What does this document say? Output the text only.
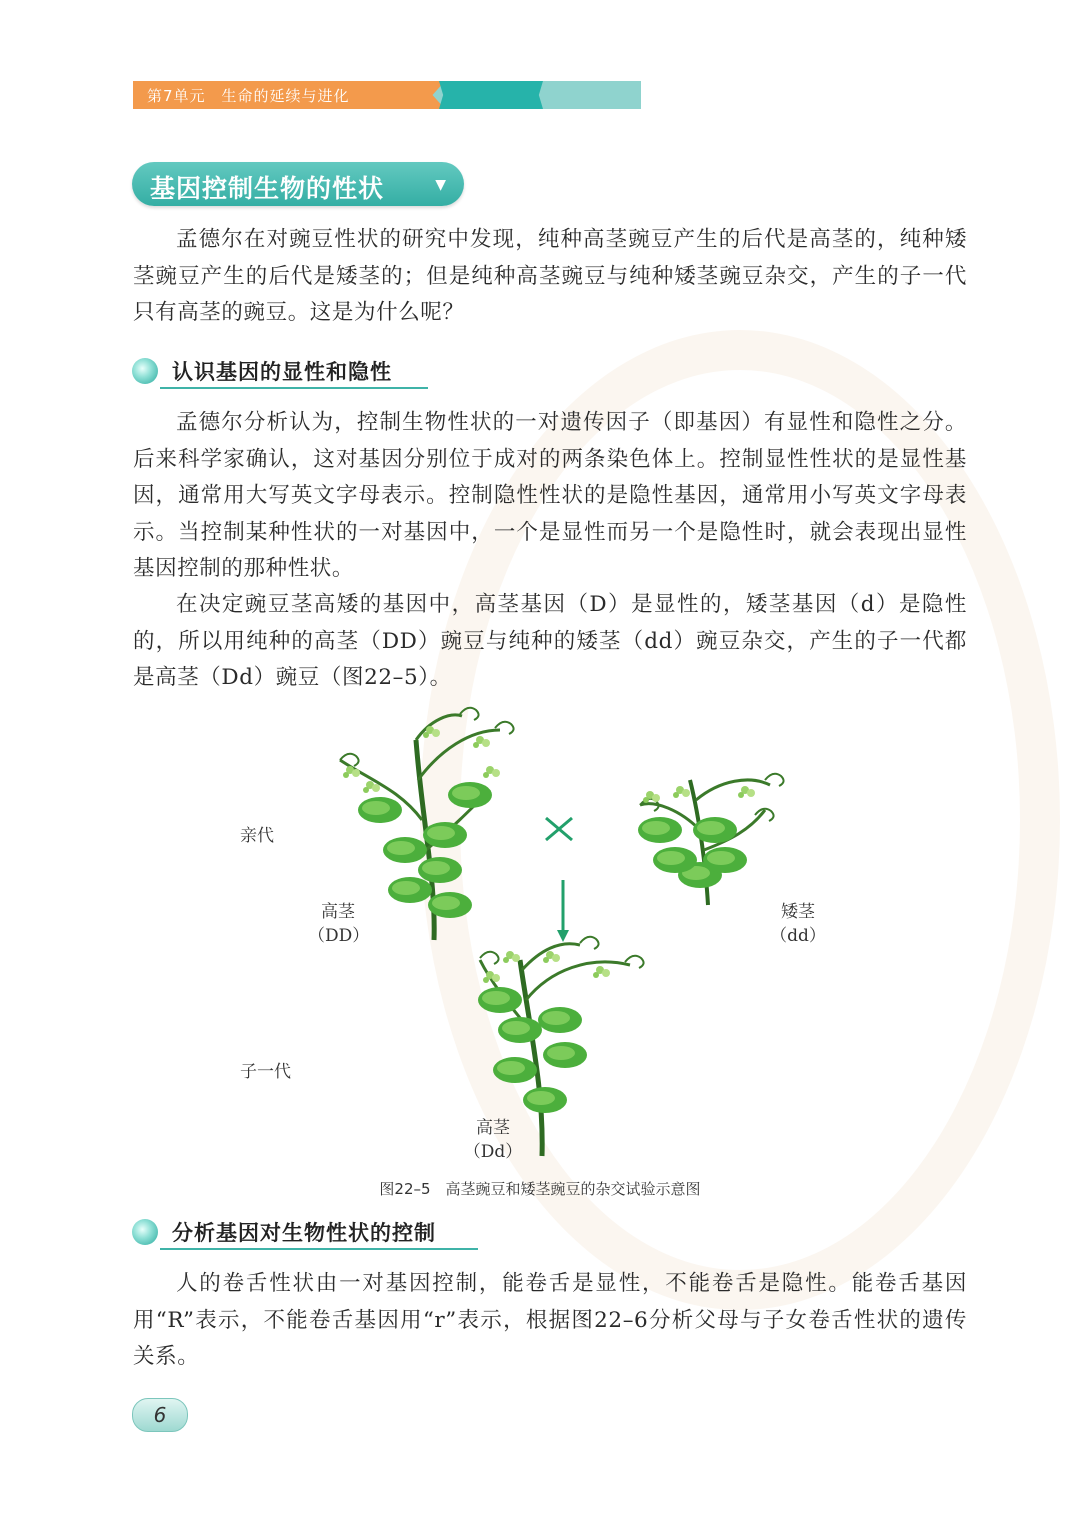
第7单元　生命的延续与进化
基因控制生物的性状	▼

孟德尔在对豌豆性状的研究中发现，纯种高茎豌豆产生的后代是高茎的，纯种矮茎豌豆产生的后代是矮茎的；但是纯种高茎豌豆与纯种矮茎豌豆杂交，产生的子一代只有高茎的豌豆。这是为什么呢？

认识基因的显性和隐性

孟德尔分析认为，控制生物性状的一对遗传因子（即基因）有显性和隐性之分。后来科学家确认，这对基因分别位于成对的两条染色体上。控制显性性状的是显性基因，通常用大写英文字母表示。控制隐性性状的是隐性基因，通常用小写英文字母表示。当控制某种性状的一对基因中，一个是显性而另一个是隐性时，就会表现出显性基因控制的那种性状。

在决定豌豆茎高矮的基因中，高茎基因（D）是显性的，矮茎基因（d）是隐性的，所以用纯种的高茎（DD）豌豆与纯种的矮茎（dd）豌豆杂交，产生的子一代都是高茎（Dd）豌豆（图22–5）。

亲代
子一代
高茎
（DD）
矮茎
（dd）
高茎
（Dd）
图22–5　高茎豌豆和矮茎豌豆的杂交试验示意图
分析基因对生物性状的控制

人的卷舌性状由一对基因控制，能卷舌是显性，不能卷舌是隐性。能卷舌基因用“R”表示，不能卷舌基因用“r”表示，根据图22–6分析父母与子女卷舌性状的遗传关系。

6
